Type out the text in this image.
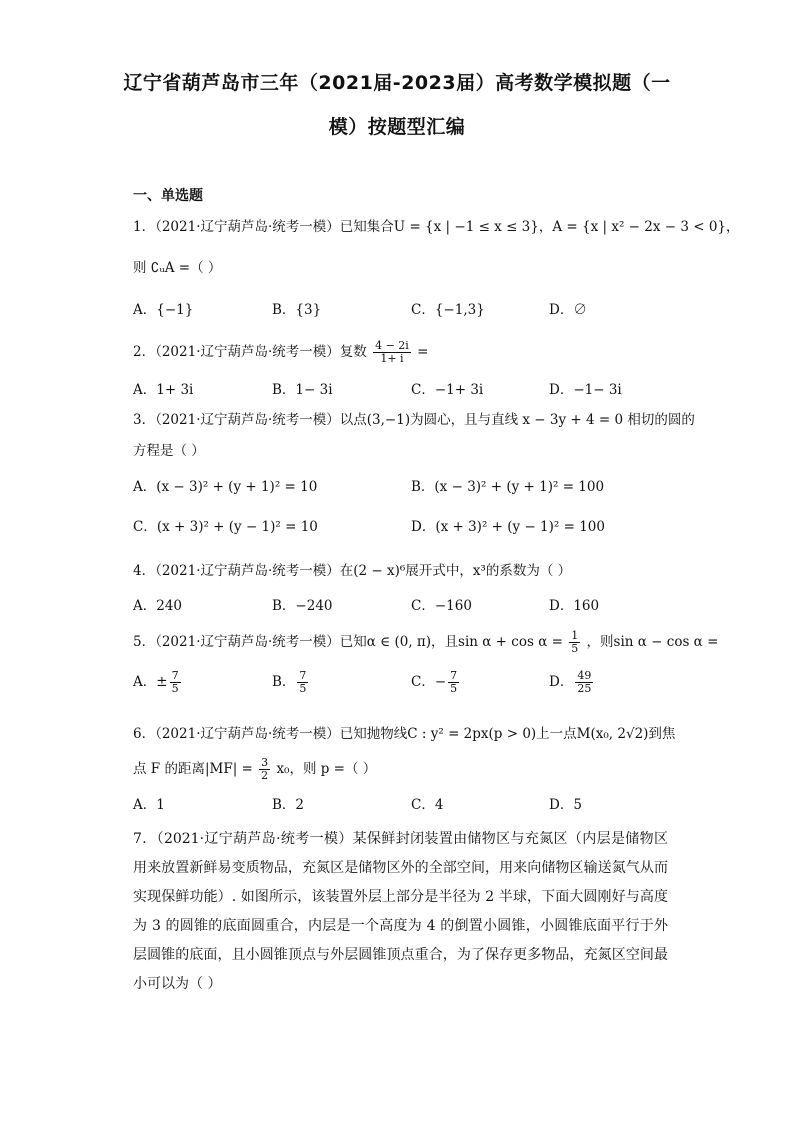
辽宁省葫芦岛市三年（2021届-2023届）高考数学模拟题（一
模）按题型汇编
一、单选题
1．（2021·辽宁葫芦岛·统考一模）已知集合U = {x | −1 ≤ x ≤ 3}，A = {x | x² − 2x − 3 < 0}，
则 ∁ᵤA =（ ）
A．{−1}	B．{3}	C．{−1,3}	D．∅
2．（2021·辽宁葫芦岛·统考一模）复数 $\frac{4 - 2i}{1+ i}$ =
A．1+ 3i	B．1− 3i	C．−1+ 3i	D．−1− 3i
3．（2021·辽宁葫芦岛·统考一模）以点(3,−1)为圆心，且与直线 x − 3y + 4 = 0 相切的圆的
方程是（ ）
A．(x − 3)² + (y + 1)² = 10	B．(x − 3)² + (y + 1)² = 100
C．(x + 3)² + (y − 1)² = 10	D．(x + 3)² + (y − 1)² = 100
4．（2021·辽宁葫芦岛·统考一模）在(2 − x)⁶展开式中，x³的系数为（ ）
A．240	B．−240	C．−160	D．160
5．（2021·辽宁葫芦岛·统考一模）已知α ∈ (0, π)，且$\sin \alpha + \cos \alpha = \frac{1}{5}$ ，则sin α − cos α =
A．± $\frac{7}{5}$	B． $\frac{7}{5}$	C．− $\frac{7}{5}$	D． $\frac{49}{25}$
6．（2021·辽宁葫芦岛·统考一模）已知抛物线C : y² = 2px(p > 0)上一点M(x₀, 2√2)到焦
点 F 的距离$|MF| = \frac{3}{2} x_0$，则 p =（ ）
A．1	B．2	C．4	D．5
7．（2021·辽宁葫芦岛·统考一模）某保鲜封闭装置由储物区与充氮区（内层是储物区用来放置新鲜易变质物品，充氮区是储物区外的全部空间，用来向储物区输送氮气从而实现保鲜功能）. 如图所示，该装置外层上部分是半径为 2 半球，下面大圆刚好与高度为 3 的圆锥的底面圆重合，内层是一个高度为 4 的倒置小圆锥，小圆锥底面平行于外层圆锥的底面，且小圆锥顶点与外层圆锥顶点重合，为了保存更多物品，充氮区空间最小可以为（ ）
